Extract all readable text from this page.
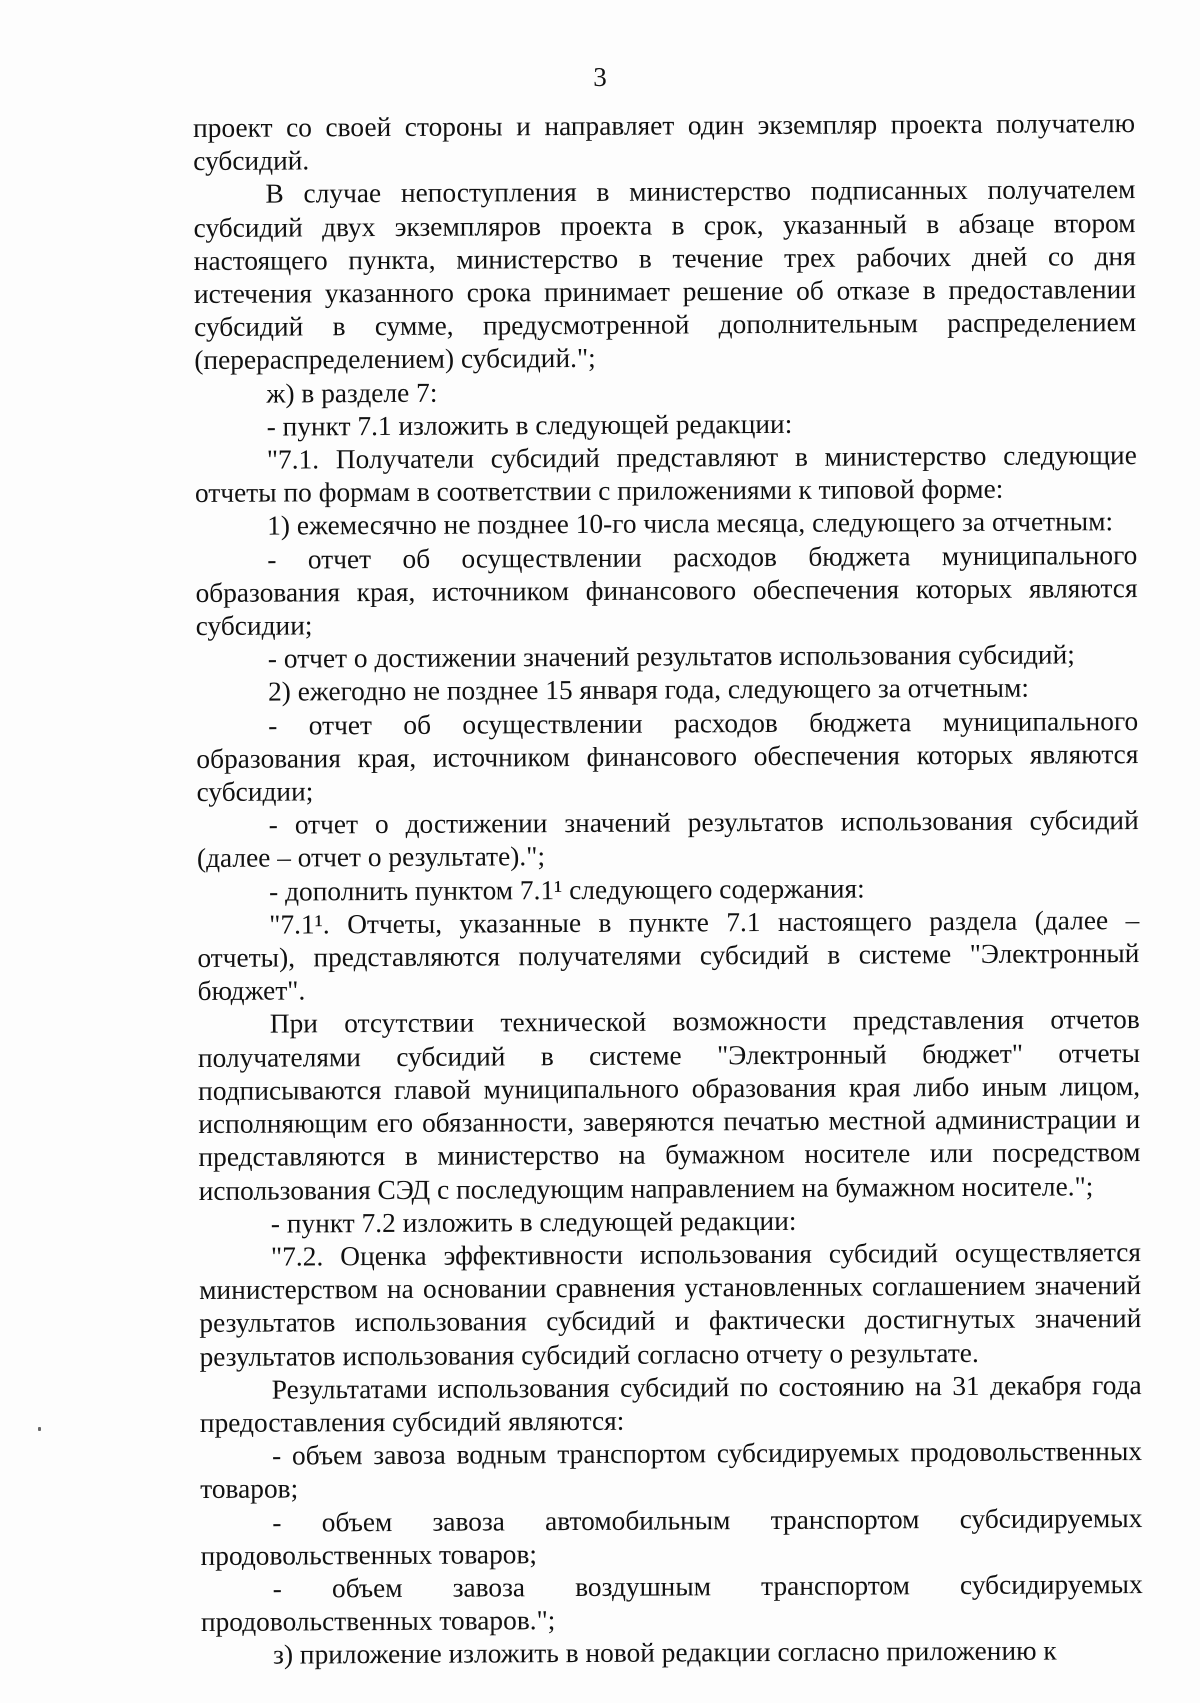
3

проект со своей стороны и направляет один экземпляр проекта получателю субсидий.

В случае непоступления в министерство подписанных получателем субсидий двух экземпляров проекта в срок, указанный в абзаце втором настоящего пункта, министерство в течение трех рабочих дней со дня истечения указанного срока принимает решение об отказе в предоставлении субсидий в сумме, предусмотренной дополнительным распределением (перераспределением) субсидий.";

ж) в разделе 7:

- пункт 7.1 изложить в следующей редакции:

"7.1. Получатели субсидий представляют в министерство следующие отчеты по формам в соответствии с приложениями к типовой форме:

1) ежемесячно не позднее 10-го числа месяца, следующего за отчетным:

- отчет об осуществлении расходов бюджета муниципального образования края, источником финансового обеспечения которых являются субсидии;

- отчет о достижении значений результатов использования субсидий;

2) ежегодно не позднее 15 января года, следующего за отчетным:

- отчет об осуществлении расходов бюджета муниципального образования края, источником финансового обеспечения которых являются субсидии;

- отчет о достижении значений результатов использования субсидий (далее – отчет о результате).";

- дополнить пунктом 7.1¹ следующего содержания:

"7.1¹. Отчеты, указанные в пункте 7.1 настоящего раздела (далее – отчеты), представляются получателями субсидий в системе "Электронный бюджет".

При отсутствии технической возможности представления отчетов получателями субсидий в системе "Электронный бюджет" отчеты подписываются главой муниципального образования края либо иным лицом, исполняющим его обязанности, заверяются печатью местной администрации и представляются в министерство на бумажном носителе или посредством использования СЭД с последующим направлением на бумажном носителе.";

- пункт 7.2 изложить в следующей редакции:

"7.2. Оценка эффективности использования субсидий осуществляется министерством на основании сравнения установленных соглашением значений результатов использования субсидий и фактически достигнутых значений результатов использования субсидий согласно отчету о результате.

Результатами использования субсидий по состоянию на 31 декабря года предоставления субсидий являются:

- объем завоза водным транспортом субсидируемых продовольственных товаров;

- объем завоза автомобильным транспортом субсидируемых продовольственных товаров;

- объем завоза воздушным транспортом субсидируемых продовольственных товаров.";

з) приложение изложить в новой редакции согласно приложению к
